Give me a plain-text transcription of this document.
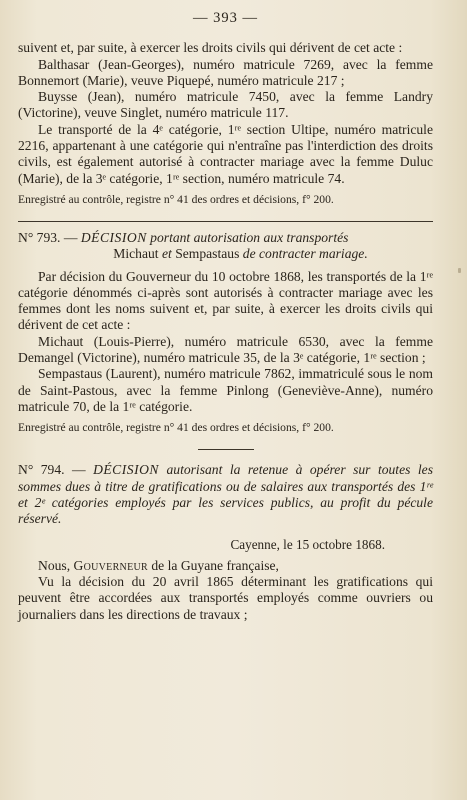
— 393 —

suivent et, par suite, à exercer les droits civils qui dérivent de cet acte :

Balthasar (Jean-Georges), numéro matricule 7269, avec la femme Bonnemort (Marie), veuve Piquepé, numéro matricule 217 ;

Buysse (Jean), numéro matricule 7450, avec la femme Landry (Victorine), veuve Singlet, numéro matricule 117.

Le transporté de la 4ᵉ catégorie, 1ʳᵉ section Ultipe, numéro matricule 2216, appartenant à une catégorie qui n'entraîne pas l'interdiction des droits civils, est également autorisé à contracter mariage avec la femme Duluc (Marie), de la 3ᵉ catégorie, 1ʳᵉ section, numéro matricule 74.

Enregistré au contrôle, registre n° 41 des ordres et décisions, f° 200.

N° 793. — DÉCISION portant autorisation aux transportés

Michaut et Sempastaus de contracter mariage.

Par décision du Gouverneur du 10 octobre 1868, les transportés de la 1ʳᵉ catégorie dénommés ci-après sont autorisés à contracter mariage avec les femmes dont les noms suivent et, par suite, à exercer les droits civils qui dérivent de cet acte :

Michaut (Louis-Pierre), numéro matricule 6530, avec la femme Demangel (Victorine), numéro matricule 35, de la 3ᵉ catégorie, 1ʳᵉ section ;

Sempastaus (Laurent), numéro matricule 7862, immatriculé sous le nom de Saint-Pastous, avec la femme Pinlong (Geneviève-Anne), numéro matricule 70, de la 1ʳᵉ catégorie.

Enregistré au contrôle, registre n° 41 des ordres et décisions, f° 200.

N° 794. — DÉCISION autorisant la retenue à opérer sur toutes les sommes dues à titre de gratifications ou de salaires aux transportés des 1ʳᵉ et 2ᵉ catégories employés par les services publics, au profit du pécule réservé.

Cayenne, le 15 octobre 1868.

Nous, Gouverneur de la Guyane française,

Vu la décision du 20 avril 1865 déterminant les gratifications qui peuvent être accordées aux transportés employés comme ouvriers ou journaliers dans les directions de travaux ;
